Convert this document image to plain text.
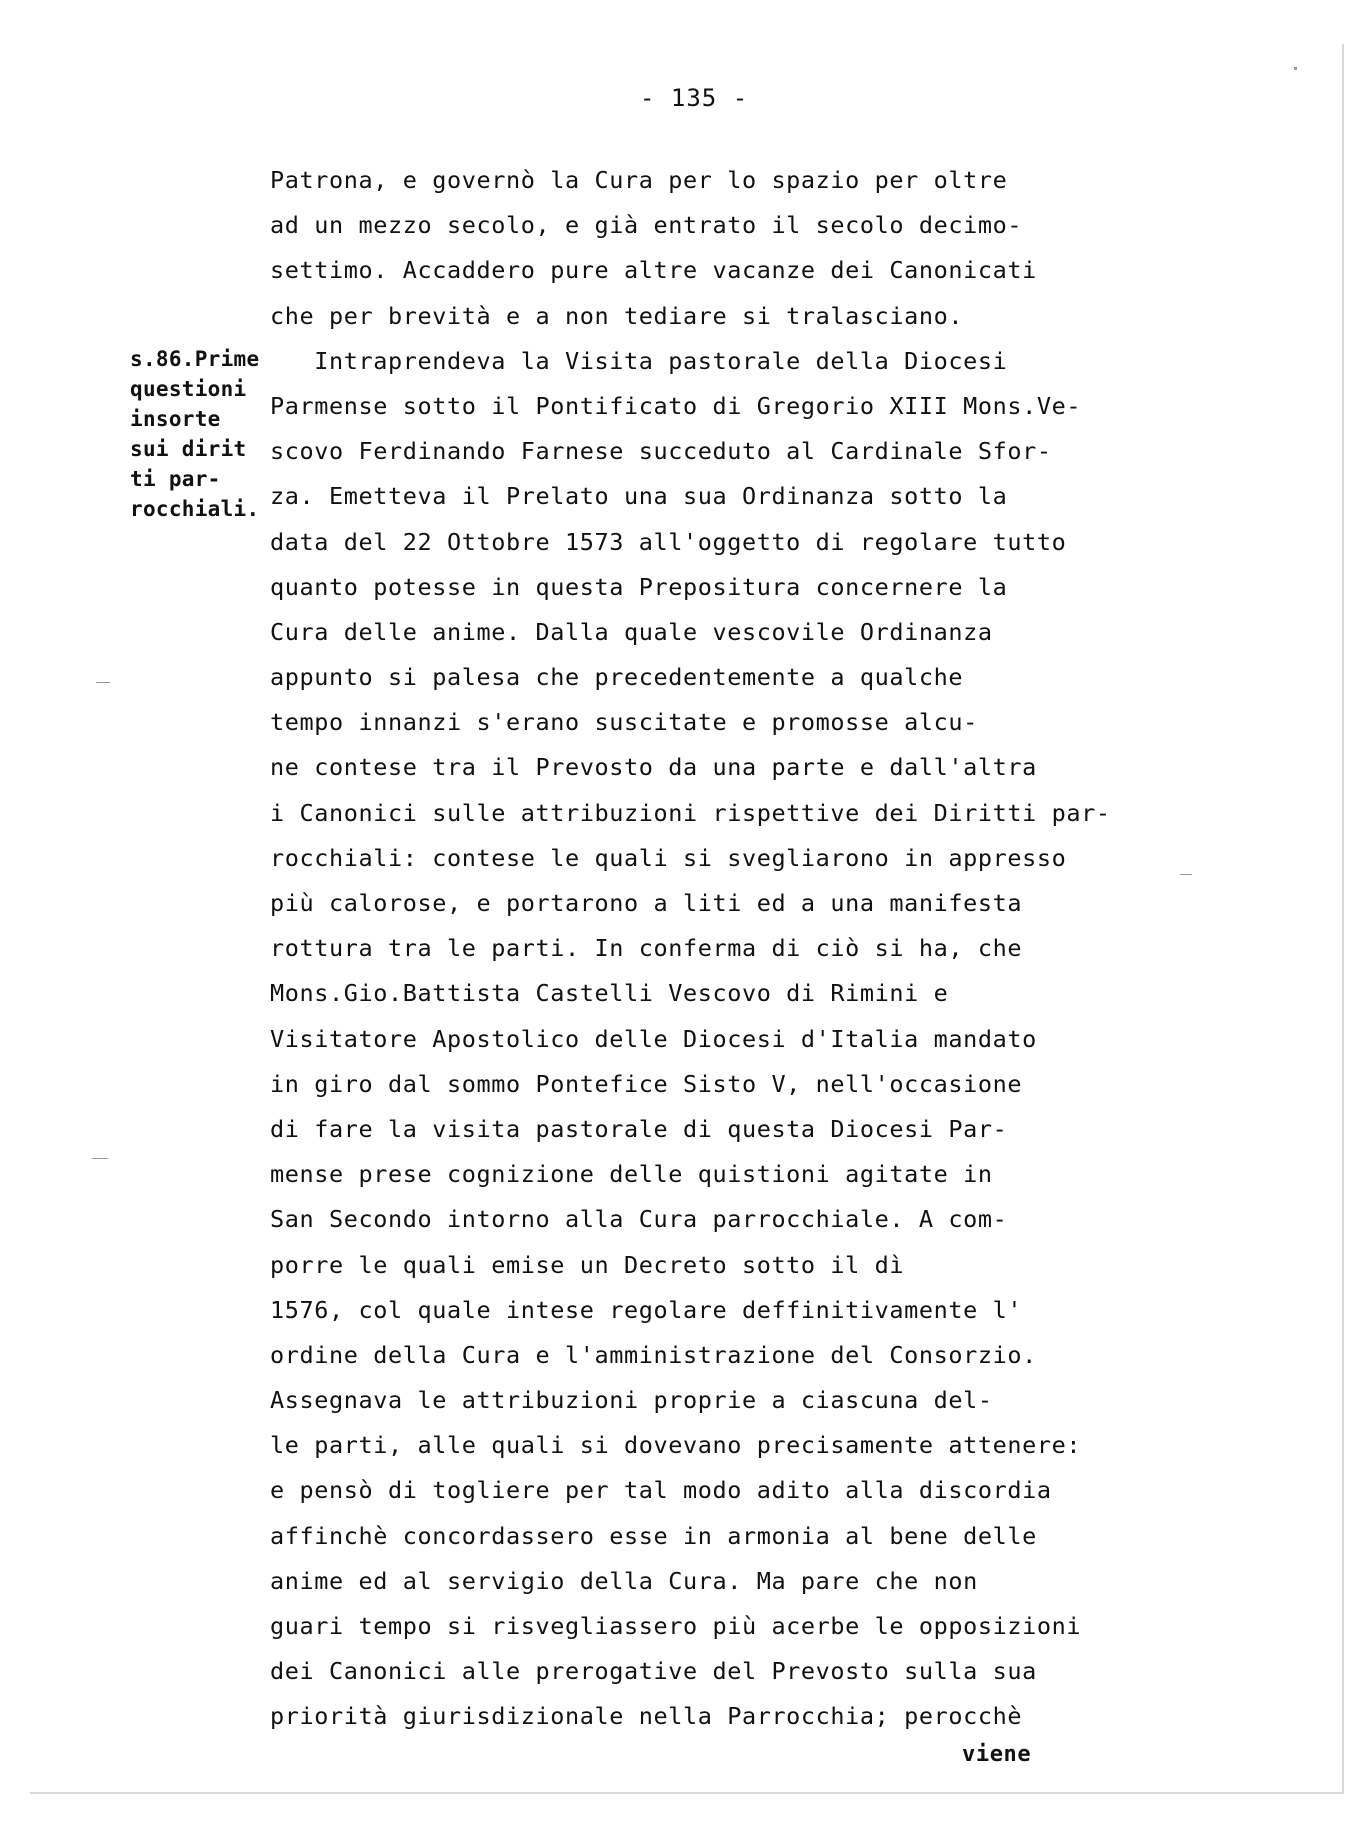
- 135 -
s.86.Prime
questioni
insorte
sui dirit
ti par-
rocchiali.
Patrona, e governò la Cura per lo spazio per oltre
ad un mezzo secolo, e già entrato il secolo decimo-
settimo. Accaddero pure altre vacanze dei Canonicati
che per brevità e a non tediare si tralasciano.
Intraprendeva la Visita pastorale della Diocesi
Parmense sotto il Pontificato di Gregorio XIII Mons.Ve-
scovo Ferdinando Farnese succeduto al Cardinale Sfor-
za. Emetteva il Prelato una sua Ordinanza sotto la
data del 22 Ottobre 1573 all'oggetto di regolare tutto
quanto potesse in questa Prepositura concernere la
Cura delle anime. Dalla quale vescovile Ordinanza
appunto si palesa che precedentemente a qualche
tempo innanzi s'erano suscitate e promosse alcu-
ne contese tra il Prevosto da una parte e dall'altra
i Canonici sulle attribuzioni rispettive dei Diritti par-
rocchiali: contese le quali si svegliarono in appresso
più calorose, e portarono a liti ed a una manifesta
rottura tra le parti. In conferma di ciò si ha, che
Mons.Gio.Battista Castelli Vescovo di Rimini e
Visitatore Apostolico delle Diocesi d'Italia mandato
in giro dal sommo Pontefice Sisto V, nell'occasione
di fare la visita pastorale di questa Diocesi Par-
mense prese cognizione delle quistioni agitate in
San Secondo intorno alla Cura parrocchiale. A com-
porre le quali emise un Decreto sotto il dì
1576, col quale intese regolare deffinitivamente l'
ordine della Cura e l'amministrazione del Consorzio.
Assegnava le attribuzioni proprie a ciascuna del-
le parti, alle quali si dovevano precisamente attenere:
e pensò di togliere per tal modo adito alla discordia
affinchè concordassero esse in armonia al bene delle
anime ed al servigio della Cura. Ma pare che non
guari tempo si risvegliassero più acerbe le opposizioni
dei Canonici alle prerogative del Prevosto sulla sua
priorità giurisdizionale nella Parrocchia; perocchè
viene
